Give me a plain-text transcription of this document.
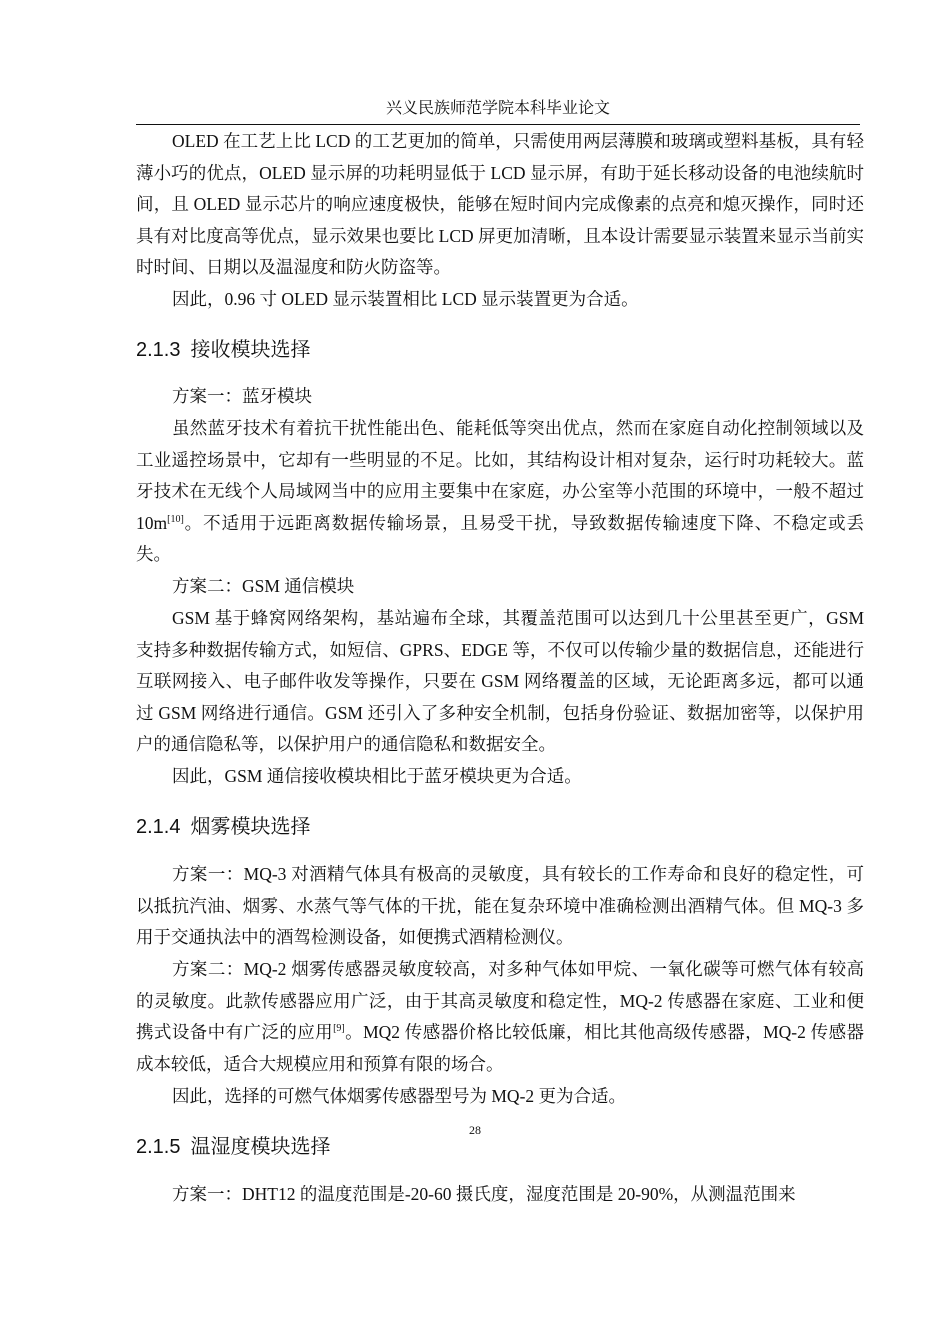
兴义民族师范学院本科毕业论文

OLED 在工艺上比 LCD 的工艺更加的简单，只需使用两层薄膜和玻璃或塑料基板，具有轻薄小巧的优点，OLED 显示屏的功耗明显低于 LCD 显示屏，有助于延长移动设备的电池续航时间，且 OLED 显示芯片的响应速度极快，能够在短时间内完成像素的点亮和熄灭操作，同时还具有对比度高等优点，显示效果也要比 LCD 屏更加清晰，且本设计需要显示装置来显示当前实时时间、日期以及温湿度和防火防盗等。

因此，0.96 寸 OLED 显示装置相比 LCD 显示装置更为合适。

2.1.3 接收模块选择

方案一：蓝牙模块

虽然蓝牙技术有着抗干扰性能出色、能耗低等突出优点，然而在家庭自动化控制领域以及工业遥控场景中，它却有一些明显的不足。比如，其结构设计相对复杂，运行时功耗较大。蓝牙技术在无线个人局域网当中的应用主要集中在家庭，办公室等小范围的环境中，一般不超过 10m[10]。不适用于远距离数据传输场景，且易受干扰，导致数据传输速度下降、不稳定或丢失。

方案二：GSM 通信模块

GSM 基于蜂窝网络架构，基站遍布全球，其覆盖范围可以达到几十公里甚至更广，GSM 支持多种数据传输方式，如短信、GPRS、EDGE 等，不仅可以传输少量的数据信息，还能进行互联网接入、电子邮件收发等操作，只要在 GSM 网络覆盖的区域，无论距离多远，都可以通过 GSM 网络进行通信。GSM 还引入了多种安全机制，包括身份验证、数据加密等，以保护用户的通信隐私等，以保护用户的通信隐私和数据安全。

因此，GSM 通信接收模块相比于蓝牙模块更为合适。

2.1.4 烟雾模块选择

方案一：MQ-3 对酒精气体具有极高的灵敏度，具有较长的工作寿命和良好的稳定性，可以抵抗汽油、烟雾、水蒸气等气体的干扰，能在复杂环境中准确检测出酒精气体。但 MQ-3 多用于交通执法中的酒驾检测设备，如便携式酒精检测仪。

方案二：MQ-2 烟雾传感器灵敏度较高，对多种气体如甲烷、一氧化碳等可燃气体有较高的灵敏度。此款传感器应用广泛，由于其高灵敏度和稳定性，MQ-2 传感器在家庭、工业和便携式设备中有广泛的应用[9]。MQ2 传感器价格比较低廉，相比其他高级传感器，MQ-2 传感器成本较低，适合大规模应用和预算有限的场合。

因此，选择的可燃气体烟雾传感器型号为 MQ-2 更为合适。

28
2.1.5 温湿度模块选择

方案一：DHT12 的温度范围是-20-60 摄氏度，湿度范围是 20-90%，从测温范围来
